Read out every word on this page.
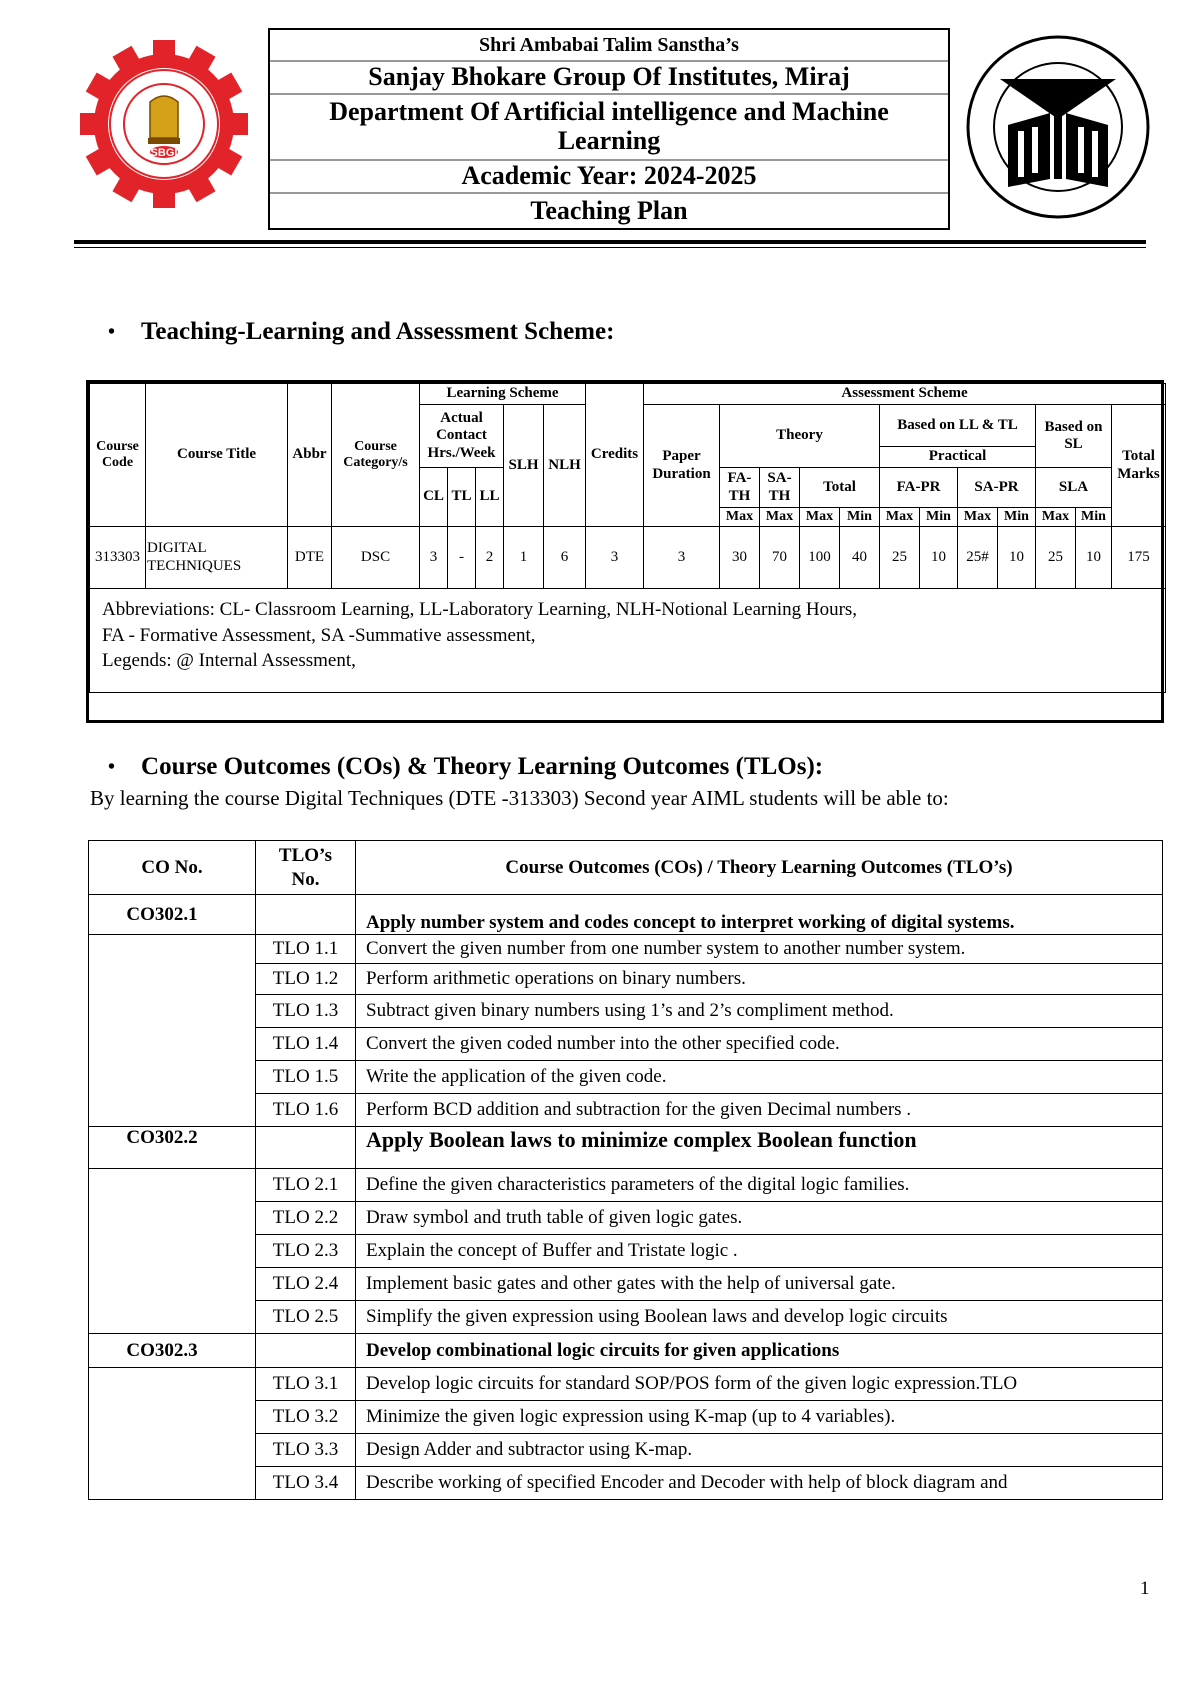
SBGI
Shri Ambabai Talim Sanstha’s
Sanjay Bhokare Group Of Institutes, Miraj
Department Of Artificial intelligence and Machine Learning
Academic Year: 2024-2025
Teaching Plan
• Teaching-Learning and Assessment Scheme:
Course Code	Course Title	Abbr	Course Category/s	Learning Scheme					Credits	Assessment Scheme											
				Actual Contact Hrs./Week			SLH	NLH		Paper Duration	Theory				Based on LL & TL				Based on SL		Total Marks
															Practical						
				CL	TL	LL					FA-TH	SA-TH	Total		FA-PR		SA-PR		SLA		
											Max	Max	Max	Min	Max	Min	Max	Min	Max	Min	
313303	DIGITAL TECHNIQUES	DTE	DSC	3	-	2	1	6	3	3	30	70	100	40	25	10	25#	10	25	10	175

Abbreviations: CL- Classroom Learning, LL-Laboratory Learning, NLH-Notional Learning Hours,
FA - Formative Assessment, SA -Summative assessment,
Legends: @ Internal Assessment,																					
• Course Outcomes (COs) & Theory Learning Outcomes (TLOs):
By learning the course Digital Techniques (DTE -313303) Second year AIML students will be able to:
CO No.	TLO’s No.	Course Outcomes (COs) / Theory Learning Outcomes (TLO’s)
CO302.1		Apply number system and codes concept to interpret working of digital systems.
	TLO 1.1	Convert the given number from one number system to another number system.
	TLO 1.2	Perform arithmetic operations on binary numbers.
	TLO 1.3	Subtract given binary numbers using 1’s and 2’s compliment method.
	TLO 1.4	Convert the given coded number into the other specified code.
	TLO 1.5	Write the application of the given code.
	TLO 1.6	Perform BCD addition and subtraction for the given Decimal numbers .
CO302.2		Apply Boolean laws to minimize complex Boolean function
	TLO 2.1	Define the given characteristics parameters of the digital logic families.
	TLO 2.2	Draw symbol and truth table of given logic gates.
	TLO 2.3	Explain the concept of Buffer and Tristate logic .
	TLO 2.4	Implement basic gates and other gates with the help of universal gate.
	TLO 2.5	Simplify the given expression using Boolean laws and develop logic circuits
CO302.3		Develop combinational logic circuits for given applications
	TLO 3.1	Develop logic circuits for standard SOP/POS form of the given logic expression.TLO
	TLO 3.2	Minimize the given logic expression using K-map (up to 4 variables).
	TLO 3.3	Design Adder and subtractor using K-map.
	TLO 3.4	Describe working of specified Encoder and Decoder with help of block diagram and
1
